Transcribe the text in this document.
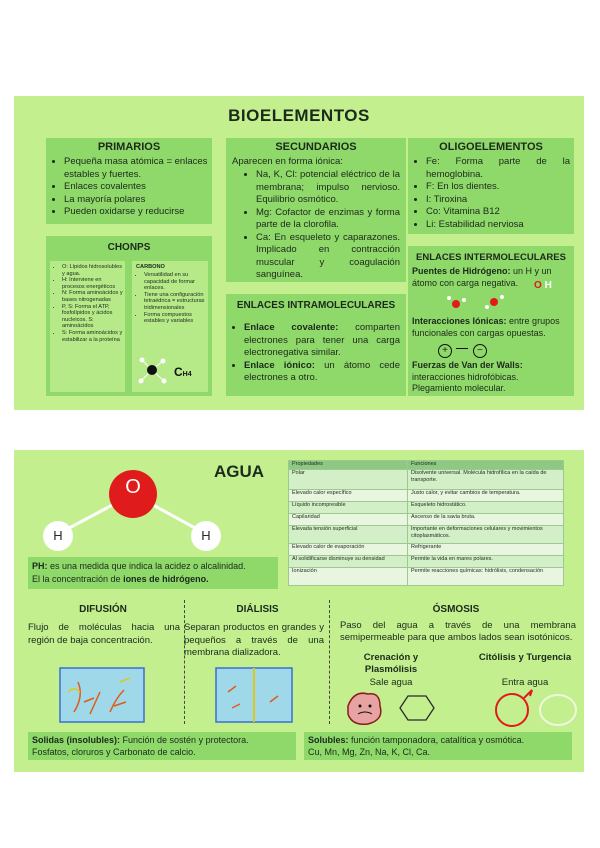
BIOELEMENTOS
PRIMARIOS
• Pequeña masa atómica = enlaces estables y fuertes.
• Enlaces covalentes
• La mayoría polares
• Pueden oxidarse y reducirse
CHONPS
• O: Lípidos hidrosolubles y agua.
• H: Interviene en procesos energéticos
• N: Forma aminoácidos y bases nitrogenadas
• P, S: Forma el ATP, fosfolípidos y ácidos nucleicos. S: aminoácidos
• S: Forma aminoácidos y estabilizar a la proteína
CARBONO
• Versatilidad en su capacidad de formar enlaces.
• Tiene una configuración tetraédrica = estructuras tridimensionales
• Forma compuestos estables y variables
CH4
SECUNDARIOS
Aparecen en forma iónica:
• Na, K, Cl: potencial eléctrico de la membrana; impulso nervioso. Equilibrio osmótico.
• Mg: Cofactor de enzimas y forma parte de la clorofila.
• Ca: En esqueleto y caparazones. Implicado en contracción muscular y coagulación sanguínea.
ENLACES INTRAMOLECULARES
• Enlace covalente: comparten electrones para tener una carga electronegativa similar.
• Enlace iónico: un átomo cede electrones a otro.
OLIGOELEMENTOS
• Fe: Forma parte de la hemoglobina.
• F: En los dientes.
• I: Tiroxina
• Co: Vitamina B12
• Li: Estabilidad nerviosa
ENLACES INTERMOLECULARES
Puentes de Hidrógeno: un H y un átomo con carga negativa.	O H
Interacciones Iónicas: entre grupos funcionales con cargas opuestas.
+	−
Fuerzas de Van der Walls: interacciones hidrofóbicas. Plegamiento molecular.
AGUA
O
H	H
PH: es una medida que indica la acidez o alcalinidad.
El la concentración de iones de hidrógeno.
Propiedades	Funciones
Polar	Disolvente universal. Molécula hidrofílica en la caída de transporte.
Elevado calor específico	Justo calor, y evitar cambios de temperatura.
Líquido incompresible	Esqueleto hidrostático.
Capilaridad	Ascenso de la savia bruta.
Elevada tensión superficial	Importante en deformaciones celulares y movimientos citoplasmáticos.
Elevado calor de evaporación	Refrigerante
Al solidificarse disminuye su densidad	Permite la vida en mares polares.
Ionización	Permite reacciones químicas: hidrólisis, condensación
DIFUSIÓN
Flujo de moléculas hacia una región de baja concentración.
DIÁLISIS
Separan productos en grandes y pequeños a través de una membrana dializadora.
ÓSMOSIS
Paso del agua a través de una membrana semipermeable para que ambos lados sean isotónicos.
Crenación y Plasmólisis
Sale agua
Citólisis y Turgencia
Entra agua
Solidas (insolubles): Función de sostén y protectora.
Fosfatos, cloruros y Carbonato de calcio.
Solubles: función tamponadora, catalítica y osmótica.
Cu, Mn, Mg, Zn, Na, K, Cl, Ca.
